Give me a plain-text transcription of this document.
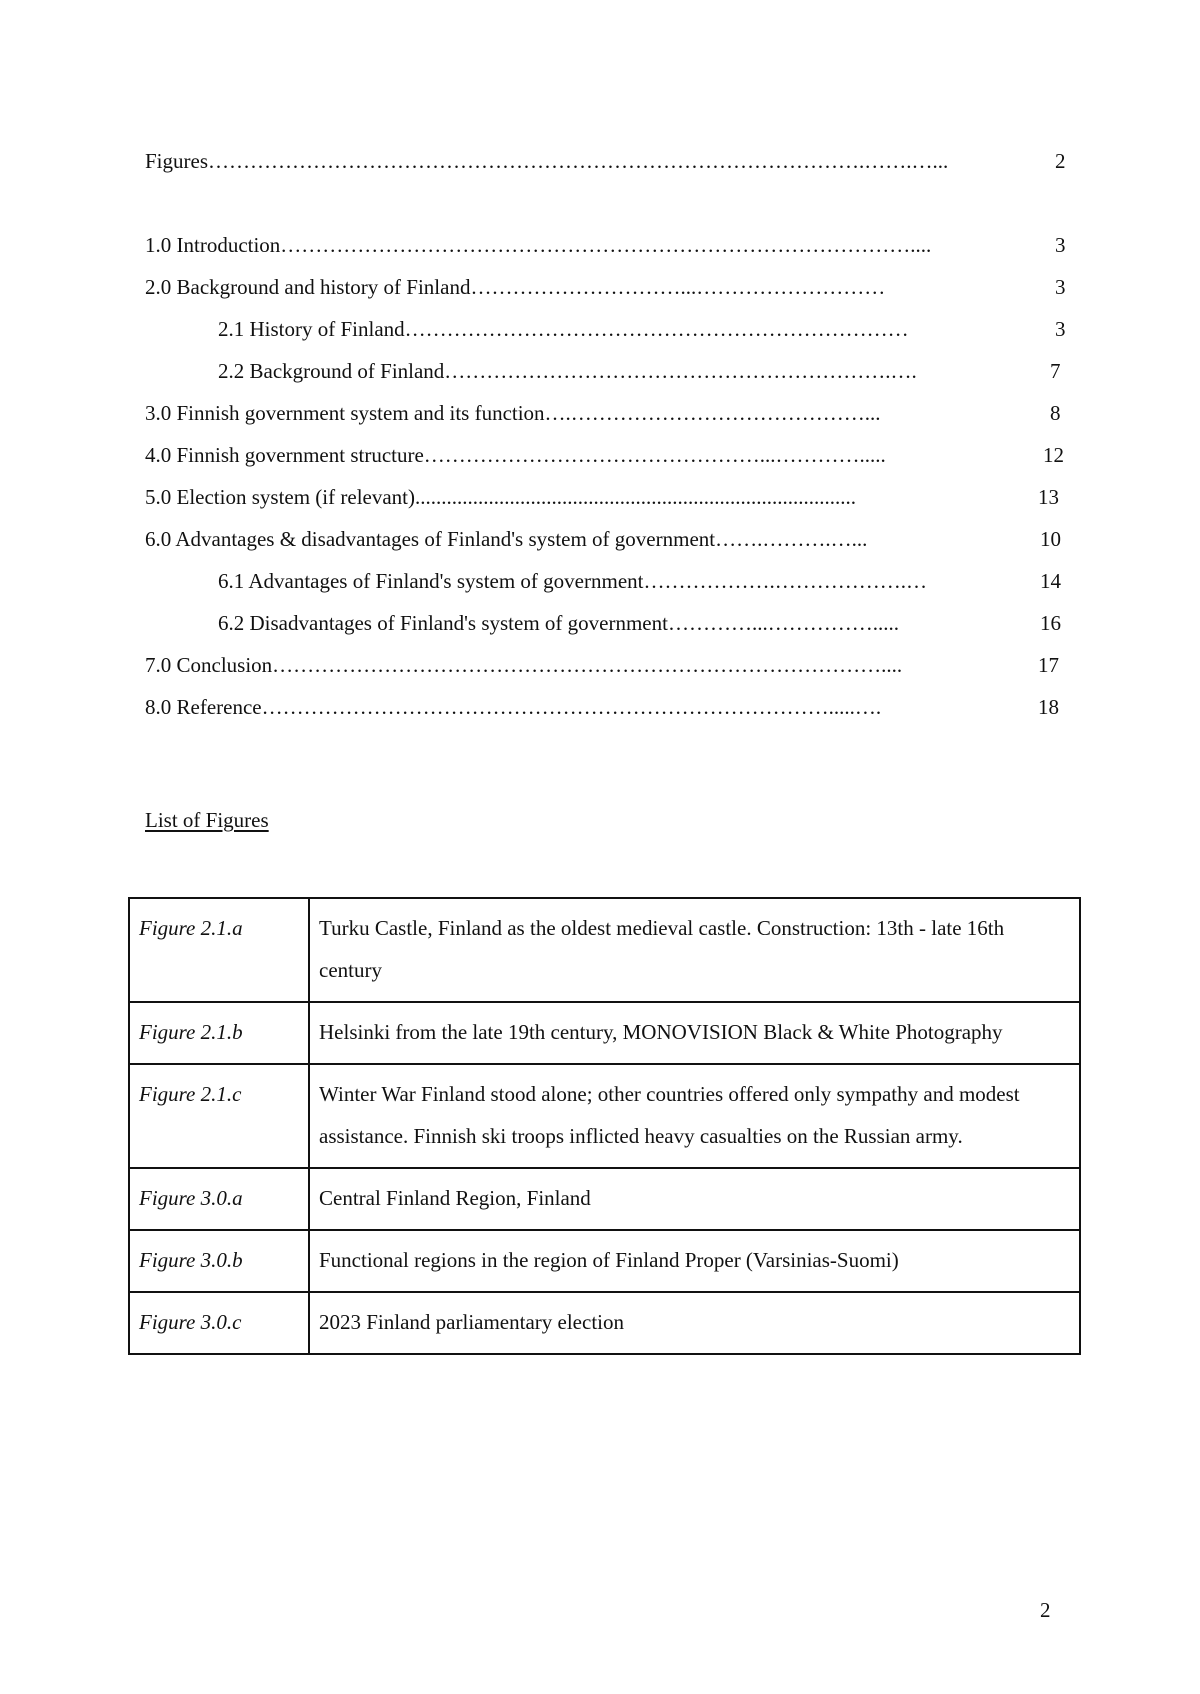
Figures………………………………………………………………………………….…….…...	2
1.0 Introduction………………………………………………………………………………....	3
2.0 Background and history of Finland…………………………...………………………	3
2.1 History of Finland………………………………………………………………	3
2.2 Background of Finland……………………………………………………….….	7
3.0 Finnish government system and its function….……………………………………...	8
4.0 Finnish government structure…………………………………………...………….....	12
5.0 Election system (if relevant)....................................................................................	13
6.0 Advantages & disadvantages of Finland's system of government…….……….…...	10
6.1 Advantages of Finland's system of government……………….……………….…	14
6.2 Disadvantages of Finland's system of government…………...…………….....	16
7.0 Conclusion……………………………………………………………………………....	17
8.0 Reference……………………………………………………………………….....….	18
List of Figures
Figure 2.1.a	Turku Castle, Finland as the oldest medieval castle. Construction: 13th - late 16th century
Figure 2.1.b	Helsinki from the late 19th century, MONOVISION Black & White Photography
Figure 2.1.c	Winter War Finland stood alone; other countries offered only sympathy and modest assistance. Finnish ski troops inflicted heavy casualties on the Russian army.
Figure 3.0.a	Central Finland Region, Finland
Figure 3.0.b	Functional regions in the region of Finland Proper (Varsinias-Suomi)
Figure 3.0.c	2023 Finland parliamentary election
2
